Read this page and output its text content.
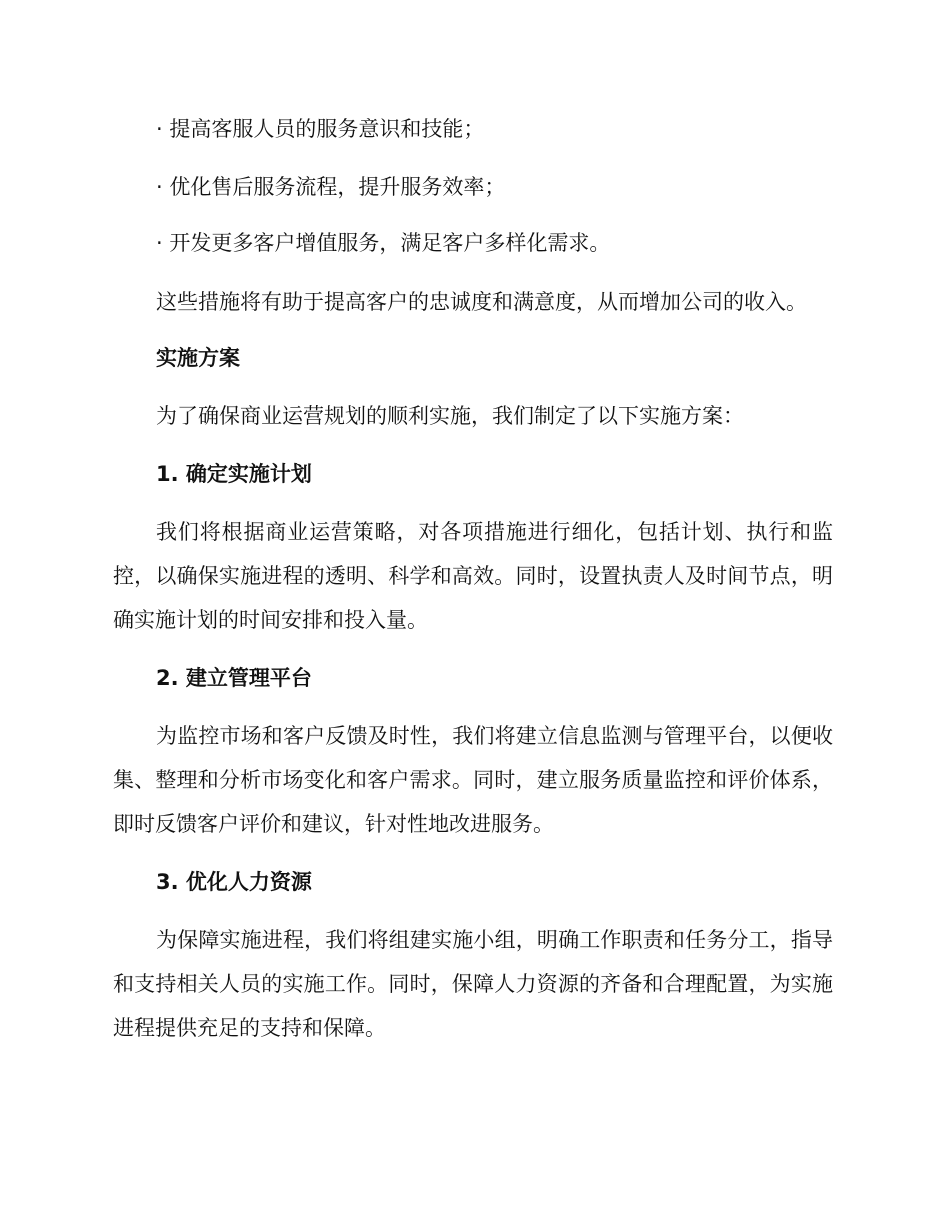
· 提高客服人员的服务意识和技能；
· 优化售后服务流程，提升服务效率；
· 开发更多客户增值服务，满足客户多样化需求。
这些措施将有助于提高客户的忠诚度和满意度，从而增加公司的收入。
实施方案
为了确保商业运营规划的顺利实施，我们制定了以下实施方案：
1. 确定实施计划

我们将根据商业运营策略，对各项措施进行细化，包括计划、执行和监控，以确保实施进程的透明、科学和高效。同时，设置执责人及时间节点，明确实施计划的时间安排和投入量。

2. 建立管理平台

为监控市场和客户反馈及时性，我们将建立信息监测与管理平台，以便收集、整理和分析市场变化和客户需求。同时，建立服务质量监控和评价体系，即时反馈客户评价和建议，针对性地改进服务。

3. 优化人力资源

为保障实施进程，我们将组建实施小组，明确工作职责和任务分工，指导和支持相关人员的实施工作。同时，保障人力资源的齐备和合理配置，为实施进程提供充足的支持和保障。
